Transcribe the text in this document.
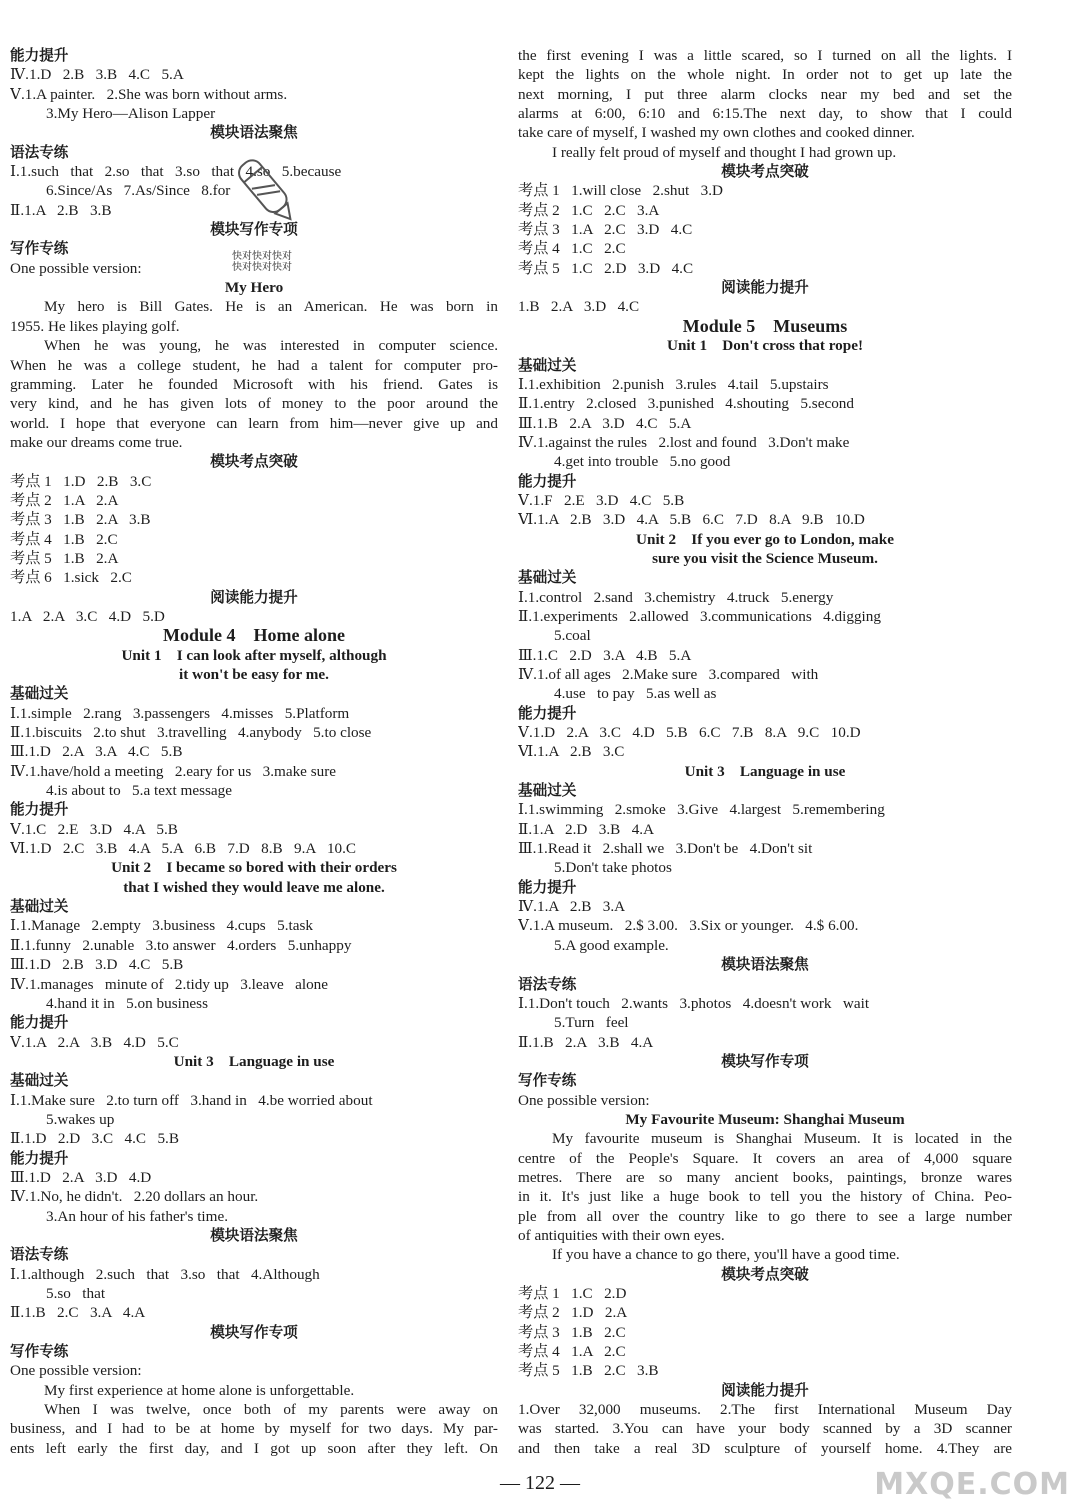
能力提升
Ⅳ.1.D   2.B   3.B   4.C   5.A
Ⅴ.1.A painter.   2.She was born without arms.
3.My Hero—Alison Lapper
模块语法聚焦
语法专练
Ⅰ.1.such   that   2.so   that   3.so   that   4.so   5.because
6.Since/As   7.As/Since   8.for
Ⅱ.1.A   2.B   3.B
模块写作专项
写作专练
One possible version:
My Hero
My hero is Bill Gates. He is an American. He was born in
1955. He likes playing golf.
When he was young, he was interested in computer science.
When he was a college student, he had a talent for computer pro-
gramming. Later he founded Microsoft with his friend. Gates is
very kind, and he has given lots of money to the poor around the
world. I hope that everyone can learn from him—never give up and
make our dreams come true.
模块考点突破
考点 1   1.D   2.B   3.C
考点 2   1.A   2.A
考点 3   1.B   2.A   3.B
考点 4   1.B   2.C
考点 5   1.B   2.A
考点 6   1.sick   2.C
阅读能力提升
1.A   2.A   3.C   4.D   5.D
Module 4    Home alone
Unit 1    I can look after myself, although
it won't be easy for me.
基础过关
Ⅰ.1.simple   2.rang   3.passengers   4.misses   5.Platform
Ⅱ.1.biscuits   2.to shut   3.travelling   4.anybody   5.to close
Ⅲ.1.D   2.A   3.A   4.C   5.B
Ⅳ.1.have/hold a meeting   2.eary for us   3.make sure
4.is about to   5.a text message
能力提升
Ⅴ.1.C   2.E   3.D   4.A   5.B
Ⅵ.1.D   2.C   3.B   4.A   5.A   6.B   7.D   8.B   9.A   10.C
Unit 2    I became so bored with their orders
that I wished they would leave me alone.
基础过关
Ⅰ.1.Manage   2.empty   3.business   4.cups   5.task
Ⅱ.1.funny   2.unable   3.to answer   4.orders   5.unhappy
Ⅲ.1.D   2.B   3.D   4.C   5.B
Ⅳ.1.manages   minute of   2.tidy up   3.leave   alone
4.hand it in   5.on business
能力提升
Ⅴ.1.A   2.A   3.B   4.D   5.C
Unit 3    Language in use
基础过关
Ⅰ.1.Make sure   2.to turn off   3.hand in   4.be worried about
5.wakes up
Ⅱ.1.D   2.D   3.C   4.C   5.B
能力提升
Ⅲ.1.D   2.A   3.D   4.D
Ⅳ.1.No, he didn't.   2.20 dollars an hour.
3.An hour of his father's time.
模块语法聚焦
语法专练
Ⅰ.1.although   2.such   that   3.so   that   4.Although
5.so   that
Ⅱ.1.B   2.C   3.A   4.A
模块写作专项
写作专练
One possible version:
My first experience at home alone is unforgettable.
When I was twelve, once both of my parents were away on
business, and I had to be at home by myself for two days. My par-
ents left early the first day, and I got up soon after they left. On
the first evening I was a little scared, so I turned on all the lights. I
kept the lights on the whole night. In order not to get up late the
next morning, I put three alarm clocks near my bed and set the
alarms at 6:00, 6:10 and 6:15.The next day, to show that I could
take care of myself, I washed my own clothes and cooked dinner.
I really felt proud of myself and thought I had grown up.
模块考点突破
考点 1   1.will close   2.shut   3.D
考点 2   1.C   2.C   3.A
考点 3   1.A   2.C   3.D   4.C
考点 4   1.C   2.C
考点 5   1.C   2.D   3.D   4.C
阅读能力提升
1.B   2.A   3.D   4.C
Module 5    Museums
Unit 1    Don't cross that rope!
基础过关
Ⅰ.1.exhibition   2.punish   3.rules   4.tail   5.upstairs
Ⅱ.1.entry   2.closed   3.punished   4.shouting   5.second
Ⅲ.1.B   2.A   3.D   4.C   5.A
Ⅳ.1.against the rules   2.lost and found   3.Don't make
4.get into trouble   5.no good
能力提升
Ⅴ.1.F   2.E   3.D   4.C   5.B
Ⅵ.1.A   2.B   3.D   4.A   5.B   6.C   7.D   8.A   9.B   10.D
Unit 2    If you ever go to London, make
sure you visit the Science Museum.
基础过关
Ⅰ.1.control   2.sand   3.chemistry   4.truck   5.energy
Ⅱ.1.experiments   2.allowed   3.communications   4.digging
5.coal
Ⅲ.1.C   2.D   3.A   4.B   5.A
Ⅳ.1.of all ages   2.Make sure   3.compared   with
4.use   to pay   5.as well as
能力提升
Ⅴ.1.D   2.A   3.C   4.D   5.B   6.C   7.B   8.A   9.C   10.D
Ⅵ.1.A   2.B   3.C
Unit 3    Language in use
基础过关
Ⅰ.1.swimming   2.smoke   3.Give   4.largest   5.remembering
Ⅱ.1.A   2.D   3.B   4.A
Ⅲ.1.Read it   2.shall we   3.Don't be   4.Don't sit
5.Don't take photos
能力提升
Ⅳ.1.A   2.B   3.A
Ⅴ.1.A museum.   2.$ 3.00.   3.Six or younger.   4.$ 6.00.
5.A good example.
模块语法聚焦
语法专练
Ⅰ.1.Don't touch   2.wants   3.photos   4.doesn't work   wait
5.Turn   feel
Ⅱ.1.B   2.A   3.B   4.A
模块写作专项
写作专练
One possible version:
My Favourite Museum: Shanghai Museum
My favourite museum is Shanghai Museum. It is located in the
centre of the People's Square. It covers an area of 4,000 square
metres. There are so many ancient books, paintings, bronze wares
in it. It's just like a huge book to tell you the history of China. Peo-
ple from all over the country like to go there to see a large number
of antiquities with their own eyes.
If you have a chance to go there, you'll have a good time.
模块考点突破
考点 1   1.C   2.D
考点 2   1.D   2.A
考点 3   1.B   2.C
考点 4   1.A   2.C
考点 5   1.B   2.C   3.B
阅读能力提升
1.Over 32,000 museums. 2.The first International Museum Day
was started. 3.You can have your body scanned by a 3D scanner
and then take a real 3D sculpture of yourself home. 4.They are
快对快对快对
快对快对快对
— 122 —	MXQE.COM
